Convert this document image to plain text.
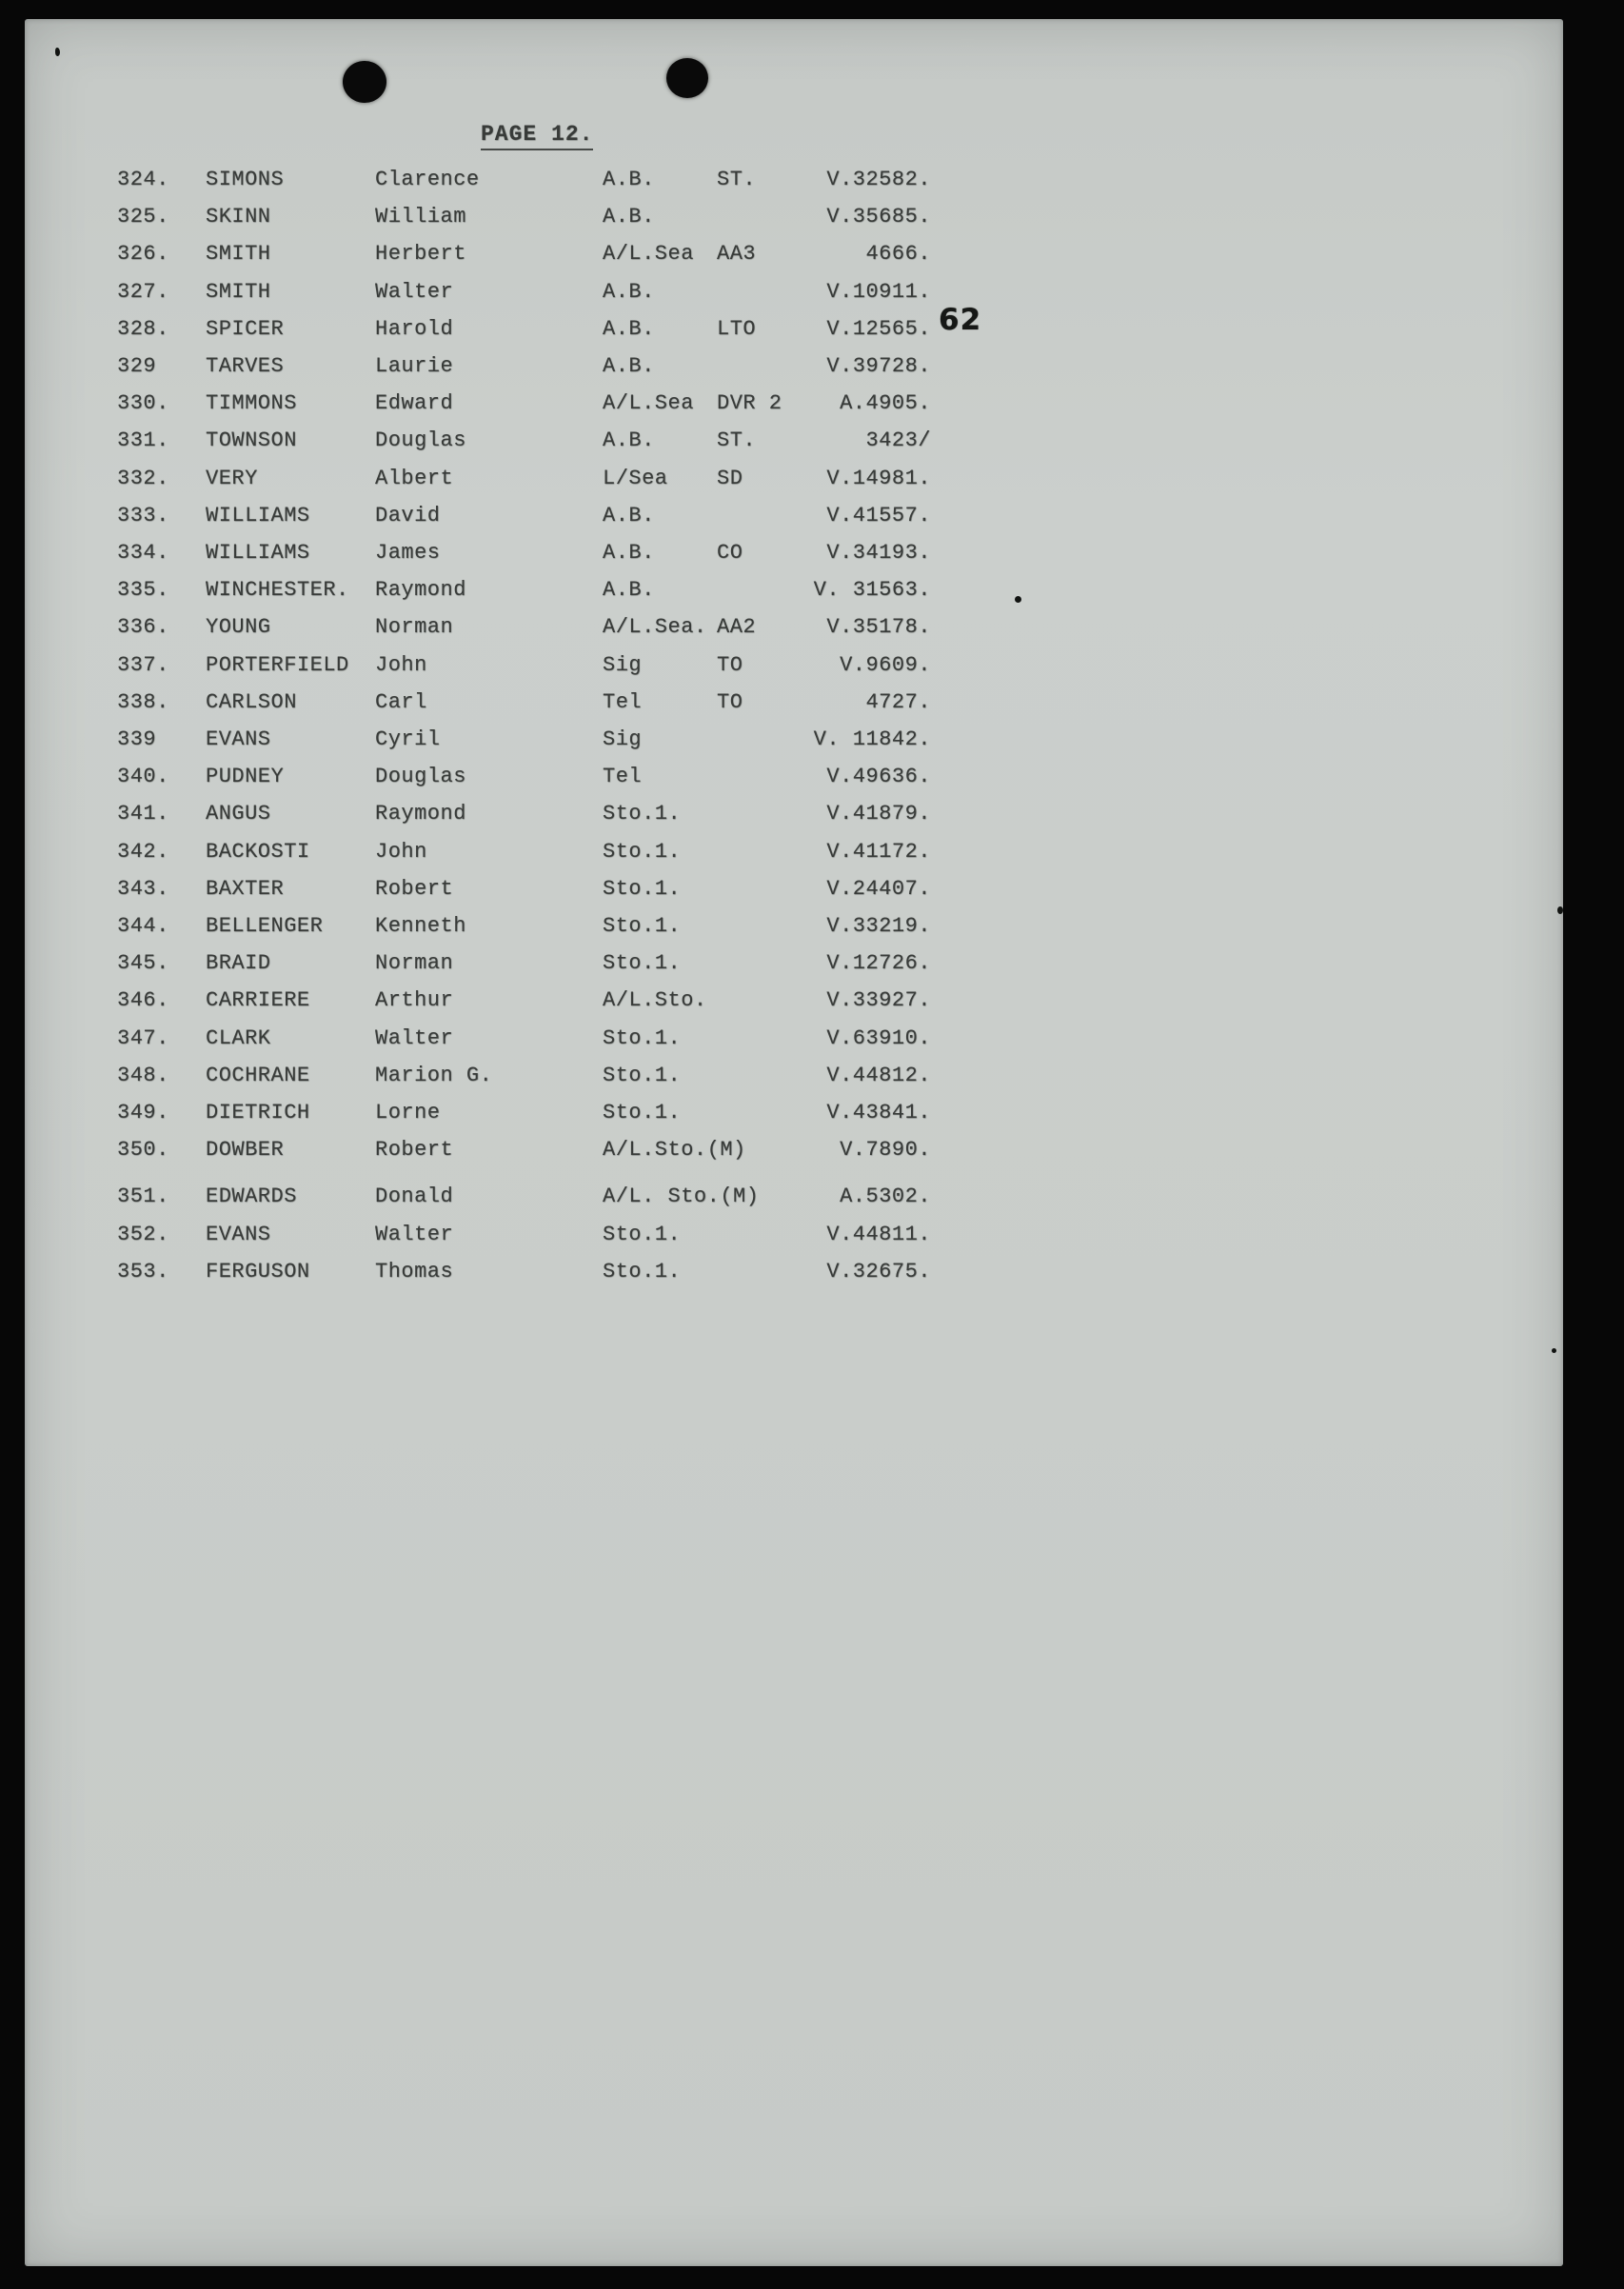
PAGE 12.
62
324. SIMONS	Clarence	A.B.	ST.	V.32582.
325. SKINN	William	A.B.	V.35685.
326. SMITH	Herbert	A/L.Sea AA3	4666.
327. SMITH	Walter	A.B.	V.10911.
328. SPICER	Harold	A.B.	LTO	V.12565.
329 TARVES	Laurie	A.B.	V.39728.
330. TIMMONS	Edward	A/L.Sea DVR 2	A.4905.
331. TOWNSON	Douglas	A.B.	ST.	3423/
332. VERY	Albert	L/Sea SD	V.14981.
333. WILLIAMS	David	A.B.	V.41557.
334. WILLIAMS	James	A.B.	CO	V.34193.
335. WINCHESTER. Raymond	A.B.	V. 31563.
336. YOUNG	Norman	A/L.Sea. AA2	V.35178.
337. PORTERFIELD John	Sig	TO	V.9609.
338. CARLSON	Carl	Tel	TO	4727.
339 EVANS	Cyril	Sig	V. 11842.
340. PUDNEY	Douglas	Tel	V.49636.
341. ANGUS	Raymond	Sto.1.	V.41879.
342. BACKOSTI	John	Sto.1.	V.41172.
343. BAXTER	Robert	Sto.1.	V.24407.
344. BELLENGER Kenneth	Sto.1.	V.33219.
345. BRAID	Norman	Sto.1.	V.12726.
346. CARRIERE	Arthur	A/L.Sto.	V.33927.
347. CLARK	Walter	Sto.1.	V.63910.
348. COCHRANE	Marion G.	Sto.1.	V.44812.
349. DIETRICH	Lorne	Sto.1.	V.43841.
350. DOWBER	Robert	A/L.Sto.(M)	V.7890.
351. EDWARDS	Donald	A/L. Sto.(M)	A.5302.
352. EVANS	Walter	Sto.1.	V.44811.
353. FERGUSON	Thomas	Sto.1.	V.32675.
